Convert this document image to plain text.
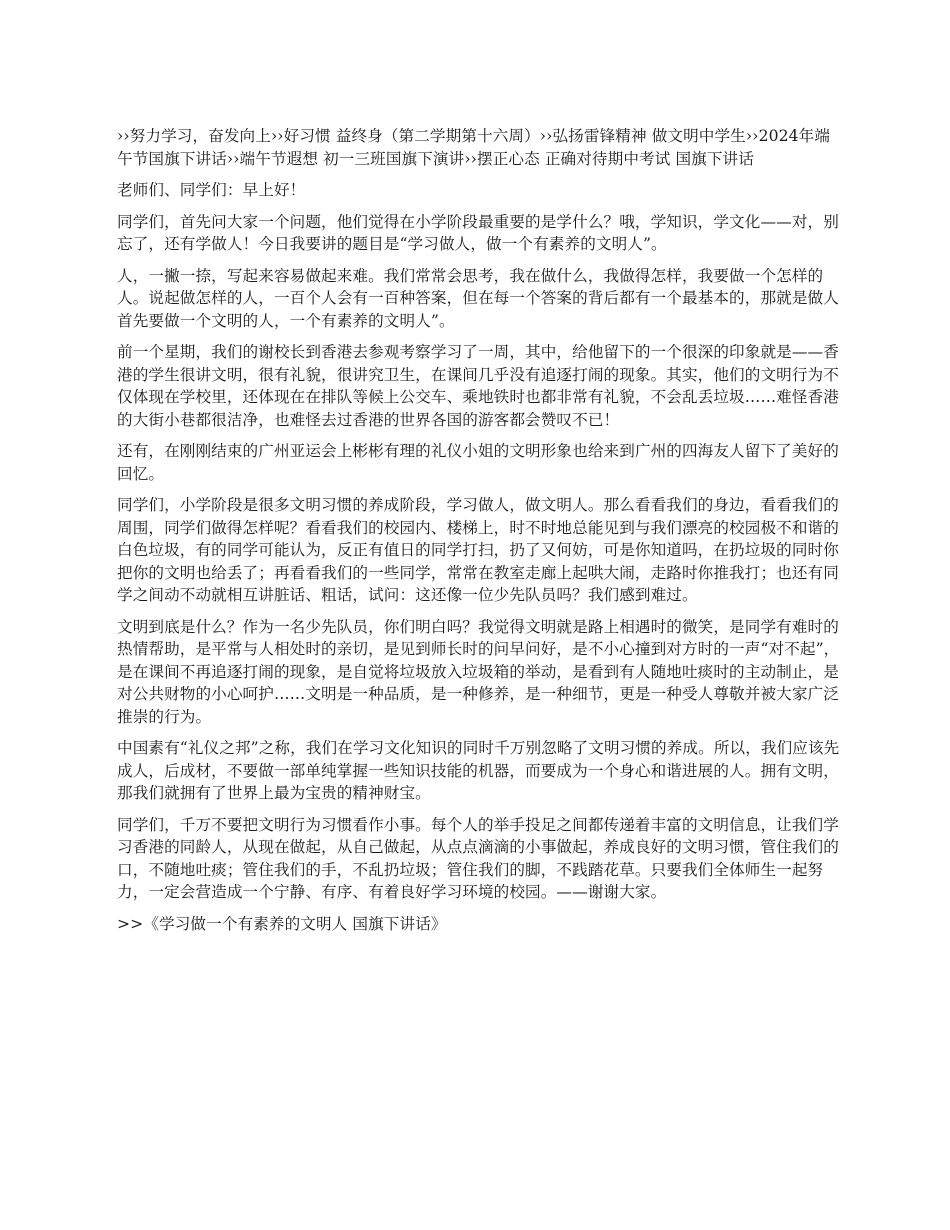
››努力学习，奋发向上››好习惯 益终身（第二学期第十六周）››弘扬雷锋精神 做文明中学生››2024年端午节国旗下讲话››端午节遐想 初一三班国旗下演讲››摆正心态 正确对待期中考试 国旗下讲话

老师们、同学们：早上好！

同学们，首先问大家一个问题，他们觉得在小学阶段最重要的是学什么？哦，学知识，学文化——对，别忘了，还有学做人！今日我要讲的题目是“学习做人，做一个有素养的文明人”。

人，一撇一捺，写起来容易做起来难。我们常常会思考，我在做什么，我做得怎样，我要做一个怎样的人。说起做怎样的人，一百个人会有一百种答案，但在每一个答案的背后都有一个最基本的，那就是做人首先要做一个文明的人，一个有素养的文明人”。

前一个星期，我们的谢校长到香港去参观考察学习了一周，其中，给他留下的一个很深的印象就是——香港的学生很讲文明，很有礼貌，很讲究卫生，在课间几乎没有追逐打闹的现象。其实，他们的文明行为不仅体现在学校里，还体现在在排队等候上公交车、乘地铁时也都非常有礼貌，不会乱丢垃圾……难怪香港的大街小巷都很洁净，也难怪去过香港的世界各国的游客都会赞叹不已！

还有，在刚刚结束的广州亚运会上彬彬有理的礼仪小姐的文明形象也给来到广州的四海友人留下了美好的回忆。

同学们，小学阶段是很多文明习惯的养成阶段，学习做人，做文明人。那么看看我们的身边，看看我们的周围，同学们做得怎样呢？看看我们的校园内、楼梯上，时不时地总能见到与我们漂亮的校园极不和谐的白色垃圾，有的同学可能认为，反正有值日的同学打扫，扔了又何妨，可是你知道吗，在扔垃圾的同时你把你的文明也给丢了；再看看我们的一些同学，常常在教室走廊上起哄大闹，走路时你推我打；也还有同学之间动不动就相互讲脏话、粗话，试问：这还像一位少先队员吗？我们感到难过。

文明到底是什么？作为一名少先队员，你们明白吗？我觉得文明就是路上相遇时的微笑，是同学有难时的热情帮助，是平常与人相处时的亲切，是见到师长时的问早问好，是不小心撞到对方时的一声“对不起”，是在课间不再追逐打闹的现象，是自觉将垃圾放入垃圾箱的举动，是看到有人随地吐痰时的主动制止，是对公共财物的小心呵护……文明是一种品质，是一种修养，是一种细节，更是一种受人尊敬并被大家广泛推崇的行为。

中国素有“礼仪之邦”之称，我们在学习文化知识的同时千万别忽略了文明习惯的养成。所以，我们应该先成人，后成材，不要做一部单纯掌握一些知识技能的机器，而要成为一个身心和谐进展的人。拥有文明，那我们就拥有了世界上最为宝贵的精神财宝。

同学们，千万不要把文明行为习惯看作小事。每个人的举手投足之间都传递着丰富的文明信息，让我们学习香港的同龄人，从现在做起，从自己做起，从点点滴滴的小事做起，养成良好的文明习惯，管住我们的口，不随地吐痰；管住我们的手，不乱扔垃圾；管住我们的脚，不践踏花草。只要我们全体师生一起努力，一定会营造成一个宁静、有序、有着良好学习环境的校园。——谢谢大家。

>>《学习做一个有素养的文明人 国旗下讲话》
